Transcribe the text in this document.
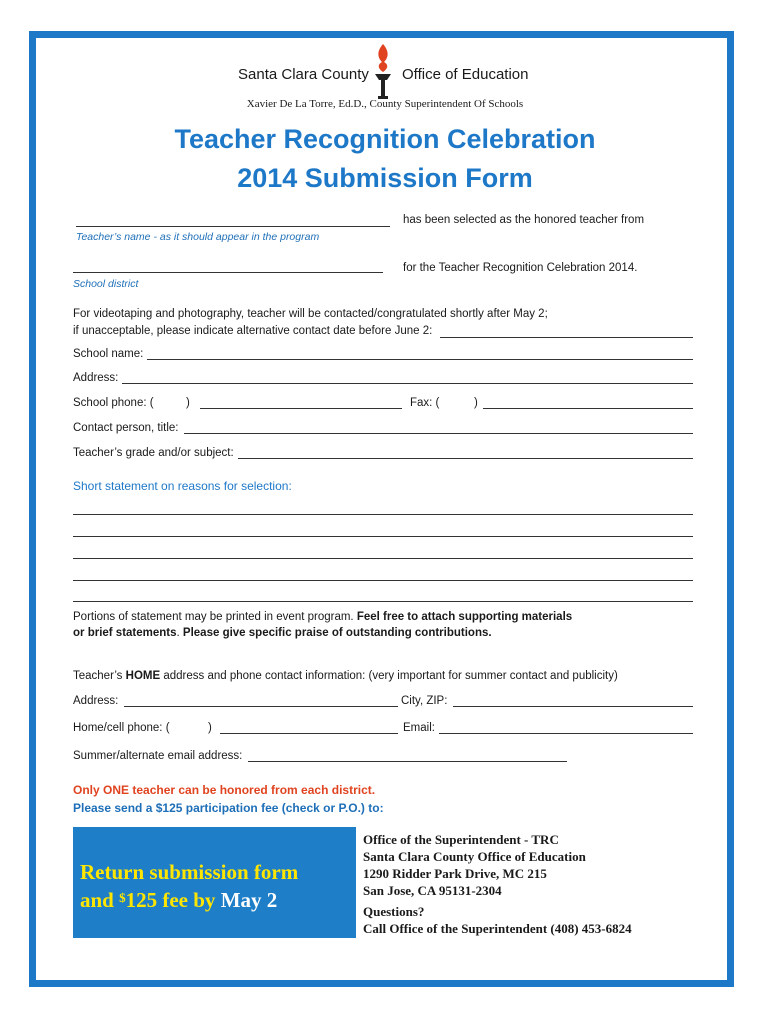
Santa Clara County Office of Education
Xavier De La Torre, Ed.D., County Superintendent Of Schools
Teacher Recognition Celebration
2014 Submission Form
has been selected as the honored teacher from
Teacher’s name - as it should appear in the program
for the Teacher Recognition Celebration 2014.
School district
For videotaping and photography, teacher will be contacted/congratulated shortly after May 2;
if unacceptable, please indicate alternative contact date before June 2:
School name:
Address:
School phone: (	)	Fax: (	)
Contact person, title:
Teacher’s grade and/or subject:
Short statement on reasons for selection:
Portions of statement may be printed in event program. Feel free to attach supporting materials
or brief statements. Please give specific praise of outstanding contributions.
Teacher’s HOME address and phone contact information: (very important for summer contact and publicity)
Address:	City, ZIP:
Home/cell phone: (	)	Email:
Summer/alternate email address:
Only ONE teacher can be honored from each district.
Please send a $125 participation fee (check or P.O.) to:
Return submission form
and $125 fee by May 2
Office of the Superintendent - TRC
Santa Clara County Office of Education
1290 Ridder Park Drive, MC 215
San Jose, CA 95131-2304
Questions?
Call Office of the Superintendent (408) 453-6824
